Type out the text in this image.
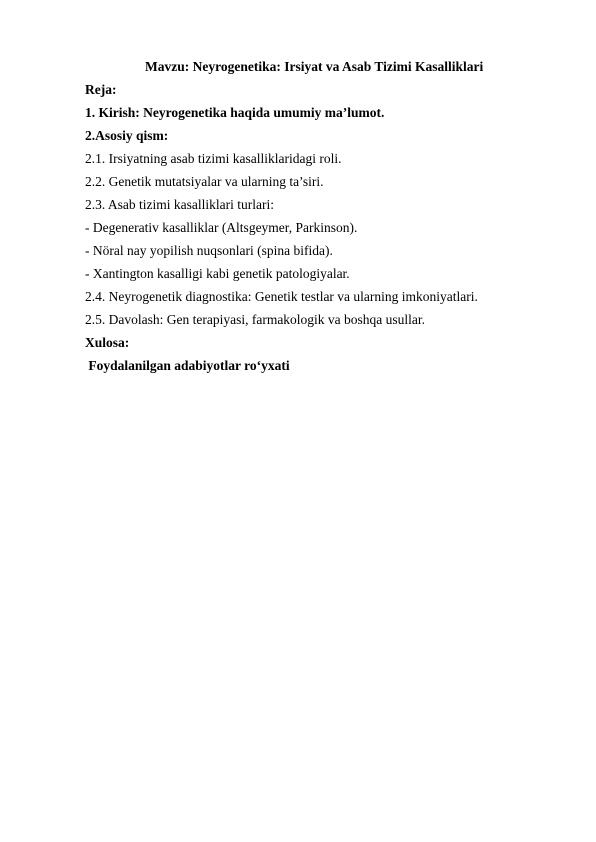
Mavzu: Neyrogenetika: Irsiyat va Asab Tizimi Kasalliklari
Reja:
1. Kirish: Neyrogenetika haqida umumiy ma’lumot.
2.Asosiy qism:
2.1. Irsiyatning asab tizimi kasalliklaridagi roli.
2.2. Genetik mutatsiyalar va ularning ta’siri.
2.3. Asab tizimi kasalliklari turlari:
- Degenerativ kasalliklar (Altsgeymer, Parkinson).
- Nöral nay yopilish nuqsonlari (spina bifida).
- Xantington kasalligi kabi genetik patologiyalar.
2.4. Neyrogenetik diagnostika: Genetik testlar va ularning imkoniyatlari.
2.5. Davolash: Gen terapiyasi, farmakologik va boshqa usullar.
Xulosa:
Foydalanilgan adabiyotlar ro‘yxati
